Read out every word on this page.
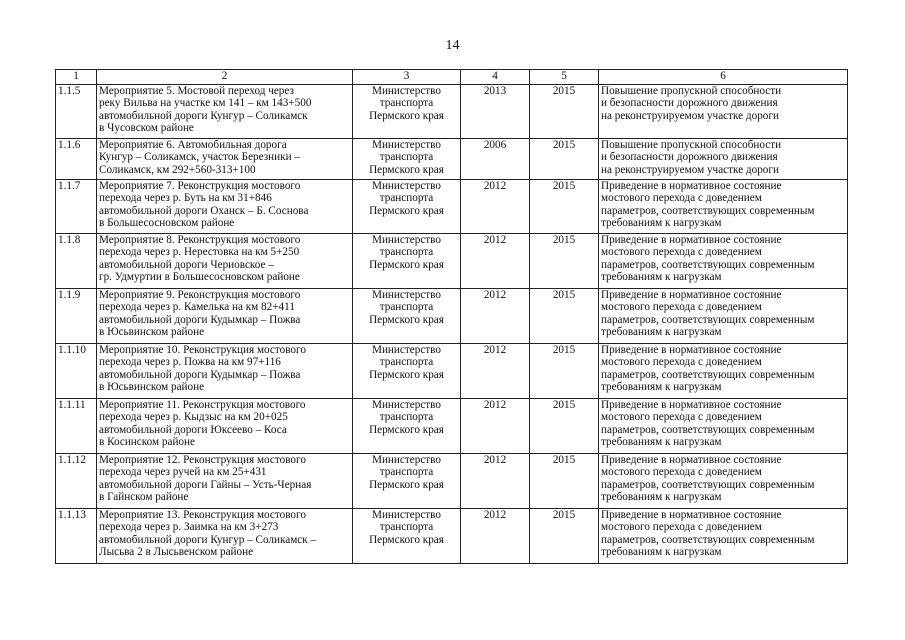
14
1	2	3	4	5	6
1.1.5	Мероприятие 5. Мостовой переход через
реку Вильва на участке км 141 – км 143+500
автомобильной дороги Кунгур – Соликамск
в Чусовском районе	Министерство
транспорта
Пермского края	2013	2015	Повышение пропускной способности
и безопасности дорожного движения
на реконструируемом участке дороги

1.1.6	Мероприятие 6. Автомобильная дорога
Кунгур – Соликамск, участок Березники –
Соликамск, км 292+560-313+100	Министерство
транспорта
Пермского края	2006	2015	Повышение пропускной способности
и безопасности дорожного движения
на реконструируемом участке дороги

1.1.7	Мероприятие 7. Реконструкция мостового
перехода через р. Буть на км 31+846
автомобильной дороги Оханск – Б. Соснова
в Большесосновском районе	Министерство
транспорта
Пермского края	2012	2015	Приведение в нормативное состояние
мостового перехода с доведением
параметров, соответствующих современным
требованиям к нагрузкам

1.1.8	Мероприятие 8. Реконструкция мостового
перехода через р. Нерестовка на км 5+250
автомобильной дороги Чериовское –
гр. Удмуртии в Большесосновском районе	Министерство
транспорта
Пермского края	2012	2015	Приведение в нормативное состояние
мостового перехода с доведением
параметров, соответствующих современным
требованиям к нагрузкам

1.1.9	Мероприятие 9. Реконструкция мостового
перехода через р. Камелька на км 82+411
автомобильной дороги Кудымкар – Пожва
в Юсьвинском районе	Министерство
транспорта
Пермского края	2012	2015	Приведение в нормативное состояние
мостового перехода с доведением
параметров, соответствующих современным
требованиям к нагрузкам

1.1.10	Мероприятие 10. Реконструкция мостового
перехода через р. Пожва на км 97+116
автомобильной дороги Кудымкар – Пожва
в Юсьвинском районе	Министерство
транспорта
Пермского края	2012	2015	Приведение в нормативное состояние
мостового перехода с доведением
параметров, соответствующих современным
требованиям к нагрузкам

1.1.11	Мероприятие 11. Реконструкция мостового
перехода через р. Кыдзыс на км 20+025
автомобильной дороги Юксеево – Коса
в Косинском районе	Министерство
транспорта
Пермского края	2012	2015	Приведение в нормативное состояние
мостового перехода с доведением
параметров, соответствующих современным
требованиям к нагрузкам

1.1.12	Мероприятие 12. Реконструкция мостового
перехода через ручей на км 25+431
автомобильной дороги Гайны – Усть-Черная
в Гайнском районе	Министерство
транспорта
Пермского края	2012	2015	Приведение в нормативное состояние
мостового перехода с доведением
параметров, соответствующих современным
требованиям к нагрузкам

1.1.13	Мероприятие 13. Реконструкция мостового
перехода через р. Заимка на км 3+273
автомобильной дороги Кунгур – Соликамск –
Лысьва 2 в Лысьвенском районе	Министерство
транспорта
Пермского края	2012	2015	Приведение в нормативное состояние
мостового перехода с доведением
параметров, соответствующих современным
требованиям к нагрузкам
